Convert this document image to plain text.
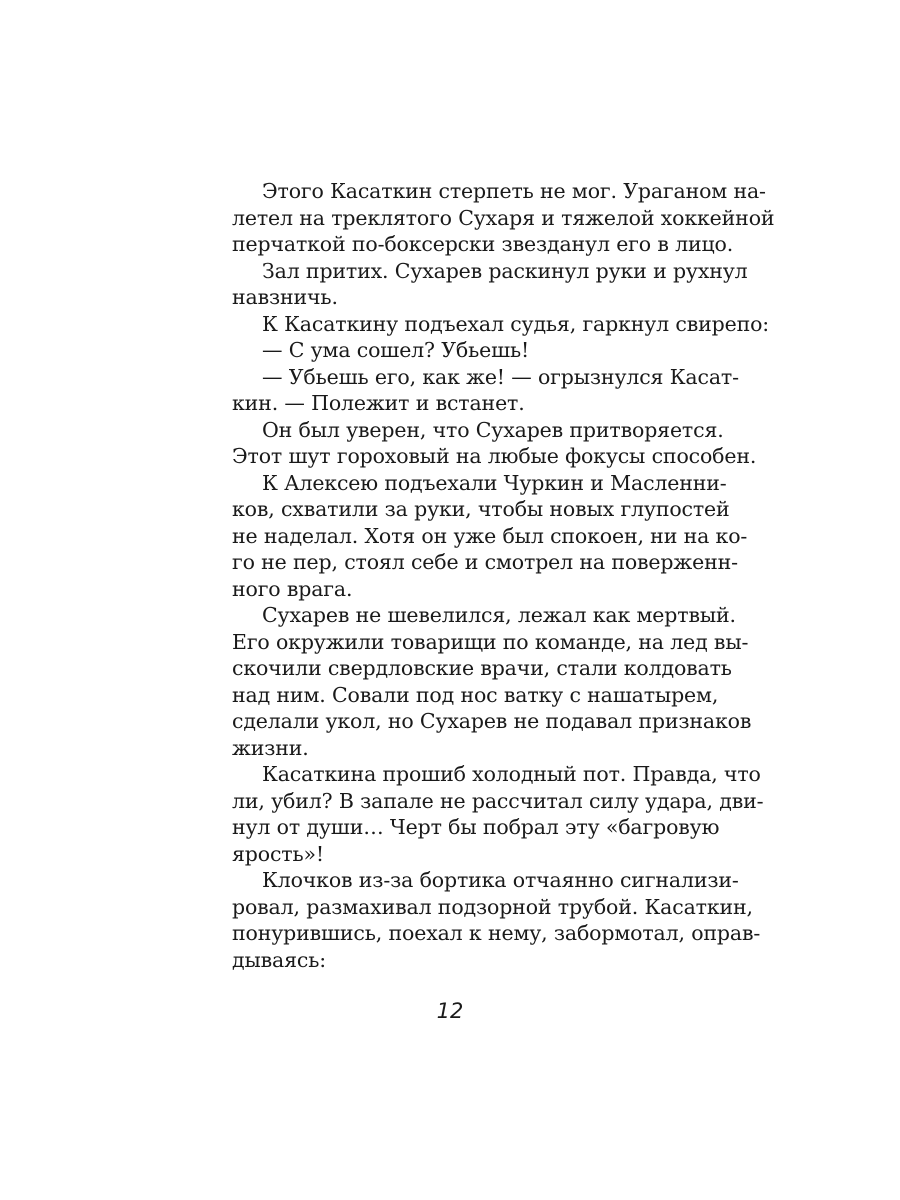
Этого Касаткин стерпеть не мог. Ураганом на-
летел на треклятого Сухаря и тяжелой хоккейной
перчаткой по-боксерски звезданул его в лицо.
Зал притих. Сухарев раскинул руки и рухнул
навзничь.
К Касаткину подъехал судья, гаркнул свирепо:
— С ума сошел? Убьешь!
— Убьешь его, как же! — огрызнулся Касат-
кин. — Полежит и встанет.
Он был уверен, что Сухарев притворяется.
Этот шут гороховый на любые фокусы способен.
К Алексею подъехали Чуркин и Масленни-
ков, схватили за руки, чтобы новых глупостей
не наделал. Хотя он уже был спокоен, ни на ко-
го не пер, стоял себе и смотрел на поверженн-
ного врага.
Сухарев не шевелился, лежал как мертвый.
Его окружили товарищи по команде, на лед вы-
скочили свердловские врачи, стали колдовать
над ним. Совали под нос ватку с нашатырем,
сделали укол, но Сухарев не подавал признаков
жизни.
Касаткина прошиб холодный пот. Правда, что
ли, убил? В запале не рассчитал силу удара, дви-
нул от души… Черт бы побрал эту «багровую
ярость»!
Клочков из-за бортика отчаянно сигнализи-
ровал, размахивал подзорной трубой. Касаткин,
понурившись, поехал к нему, забормотал, оправ-
дываясь:
12
